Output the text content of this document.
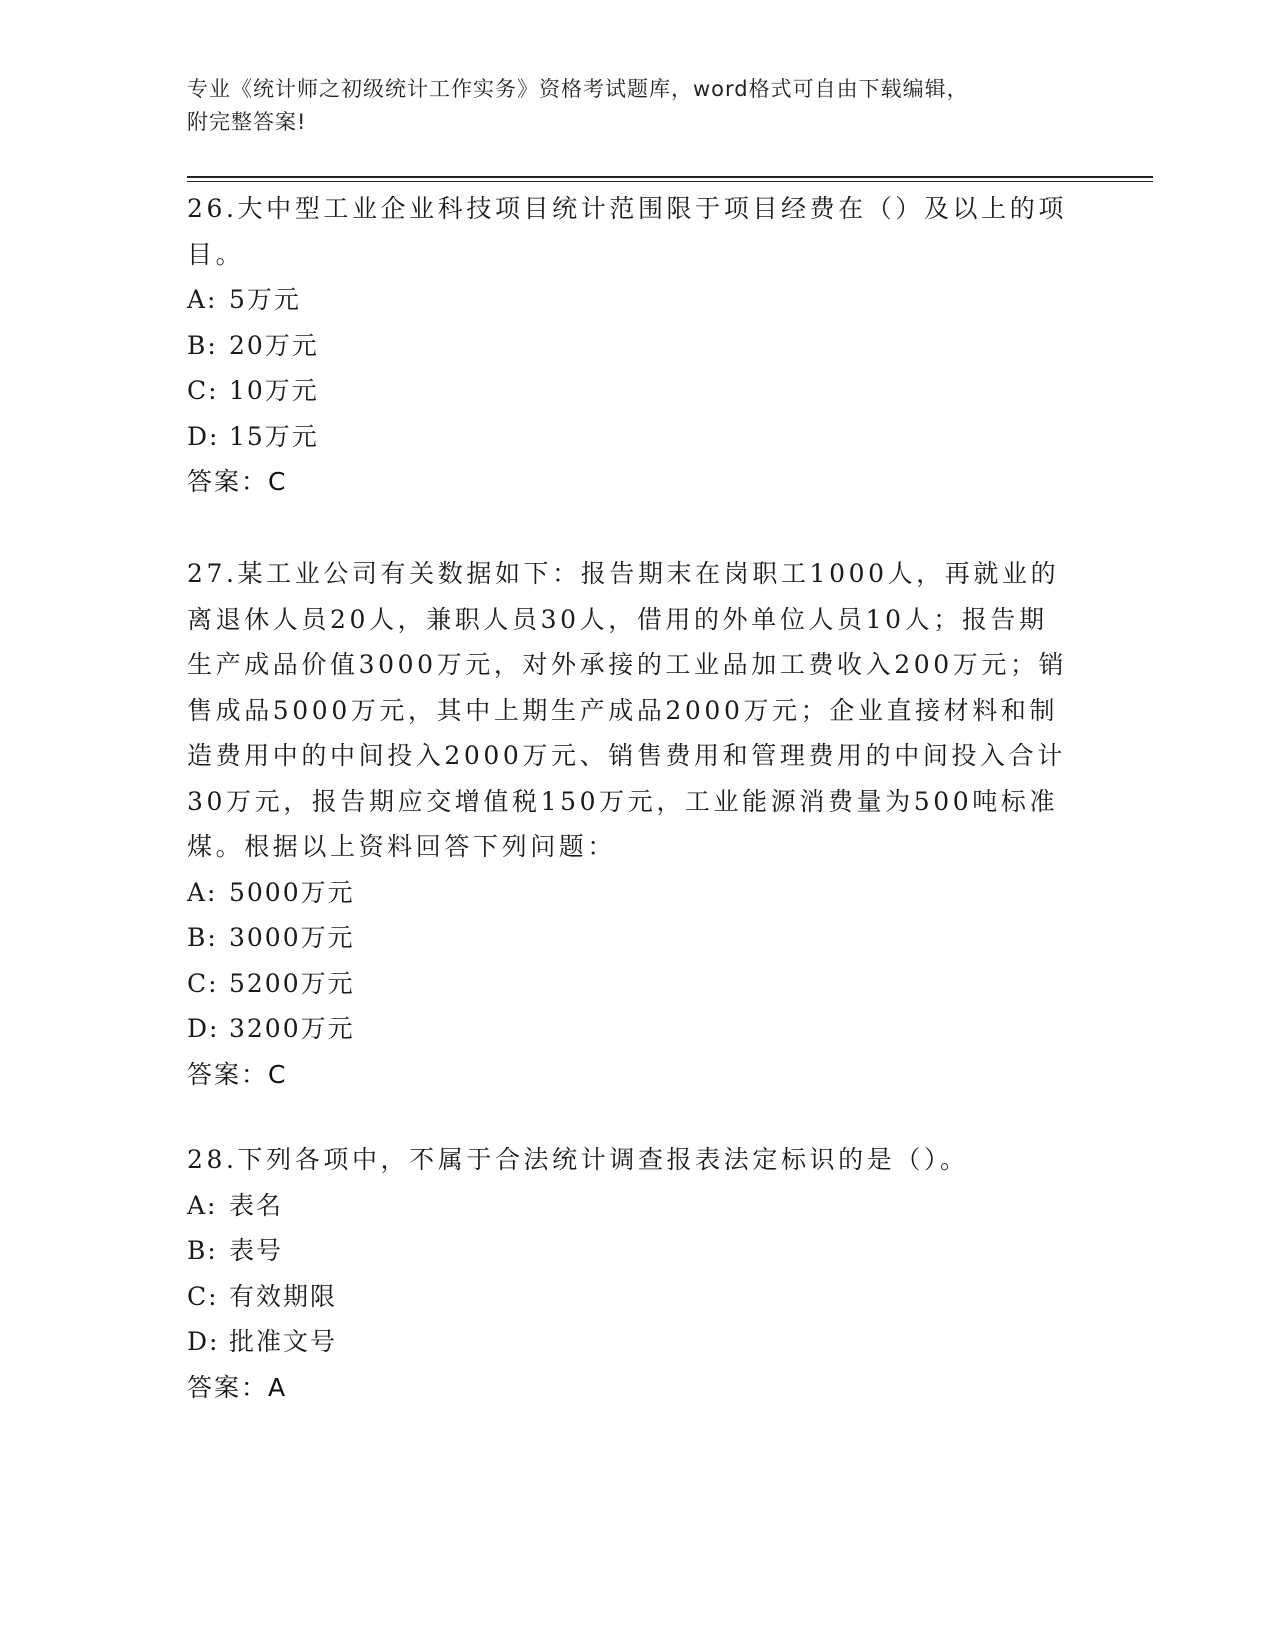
专业《统计师之初级统计工作实务》资格考试题库，word格式可自由下载编辑，
附完整答案!

26.大中型工业企业科技项目统计范围限于项目经费在（）及以上的项

目。

A: 5万元

B: 20万元

C: 10万元

D: 15万元

答案：C

27.某工业公司有关数据如下：报告期末在岗职工1000人，再就业的

离退休人员20人，兼职人员30人，借用的外单位人员10人；报告期

生产成品价值3000万元，对外承接的工业品加工费收入200万元；销

售成品5000万元，其中上期生产成品2000万元；企业直接材料和制

造费用中的中间投入2000万元、销售费用和管理费用的中间投入合计

30万元，报告期应交增值税150万元，工业能源消费量为500吨标准

煤。根据以上资料回答下列问题：

A: 5000万元

B: 3000万元

C: 5200万元

D: 3200万元

答案：C

28.下列各项中，不属于合法统计调查报表法定标识的是（）。

A: 表名

B: 表号

C: 有效期限

D: 批准文号

答案：A
